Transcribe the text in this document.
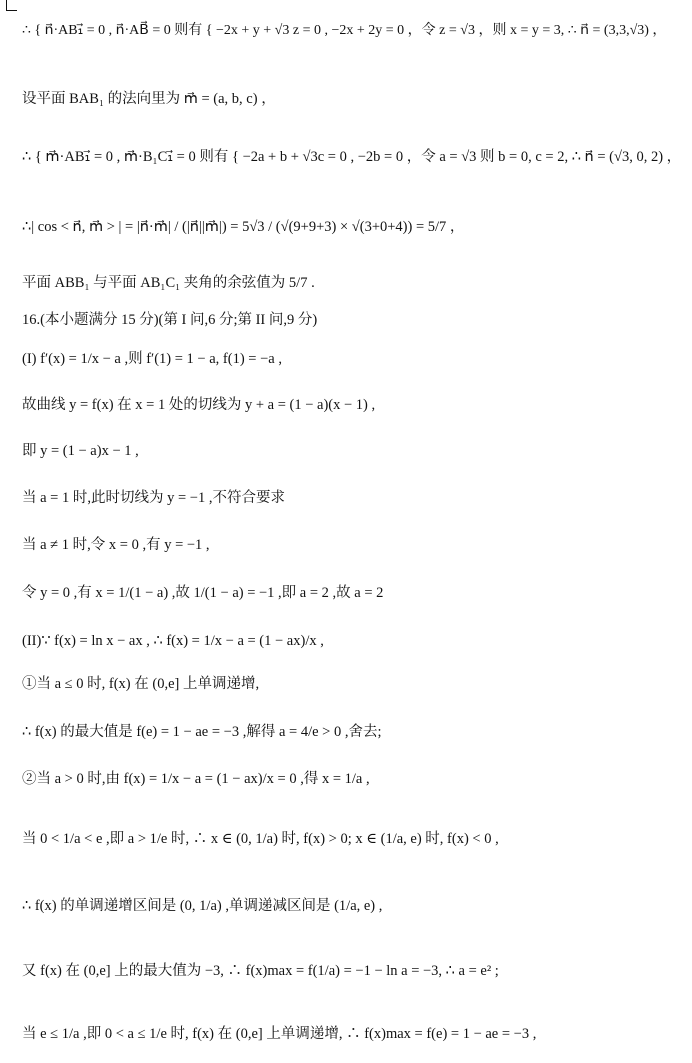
∴ { n⃗·AB₁⃗ = 0 , n⃗·AB⃗ = 0 则有 { −2x + y + √3 z = 0 , −2x + 2y = 0 ，令 z = √3 ，则 x = y = 3, ∴ n⃗ = (3,3,√3) ，
设平面 BAB₁ 的法向里为 m⃗ = (a, b, c) ，
∴ { m⃗·AB₁⃗ = 0 , m⃗·B₁C₁⃗ = 0 则有 { −2a + b + √3c = 0 , −2b = 0 ，令 a = √3 则 b = 0, c = 2, ∴ n⃗ = (√3, 0, 2) ，
∴| cos < n⃗, m⃗ > | = |n⃗·m⃗| / (|n⃗||m⃗|) = 5√3 / (√(9+9+3) × √(3+0+4)) = 5/7 ，
平面 ABB₁ 与平面 AB₁C₁ 夹角的余弦值为 5/7 .
16.(本小题满分 15 分)(第 I 问,6 分;第 II 问,9 分)
(I) f′(x) = 1/x − a ,则 f′(1) = 1 − a, f(1) = −a ,
故曲线 y = f(x) 在 x = 1 处的切线为 y + a = (1 − a)(x − 1) ,
即 y = (1 − a)x − 1 ,
当 a = 1 时,此时切线为 y = −1 ,不符合要求
当 a ≠ 1 时,令 x = 0 ,有 y = −1 ,
令 y = 0 ,有 x = 1/(1 − a) ,故 1/(1 − a) = −1 ,即 a = 2 ,故 a = 2
(II)∵ f(x) = ln x − ax , ∴ f(x) = 1/x − a = (1 − ax)/x ,
①当 a ≤ 0 时, f(x) 在 (0,e] 上单调递增,
∴ f(x) 的最大值是 f(e) = 1 − ae = −3 ,解得 a = 4/e > 0 ,舍去;
②当 a > 0 时,由 f(x) = 1/x − a = (1 − ax)/x = 0 ,得 x = 1/a ,
当 0 < 1/a < e ,即 a > 1/e 时, ∴ x ∈ (0, 1/a) 时, f(x) > 0; x ∈ (1/a, e) 时, f(x) < 0 ,
∴ f(x) 的单调递增区间是 (0, 1/a) ,单调递减区间是 (1/a, e) ,
又 f(x) 在 (0,e] 上的最大值为 −3, ∴ f(x)max = f(1/a) = −1 − ln a = −3, ∴ a = e² ;
当 e ≤ 1/a ,即 0 < a ≤ 1/e 时, f(x) 在 (0,e] 上单调递增, ∴ f(x)max = f(e) = 1 − ae = −3 ,
